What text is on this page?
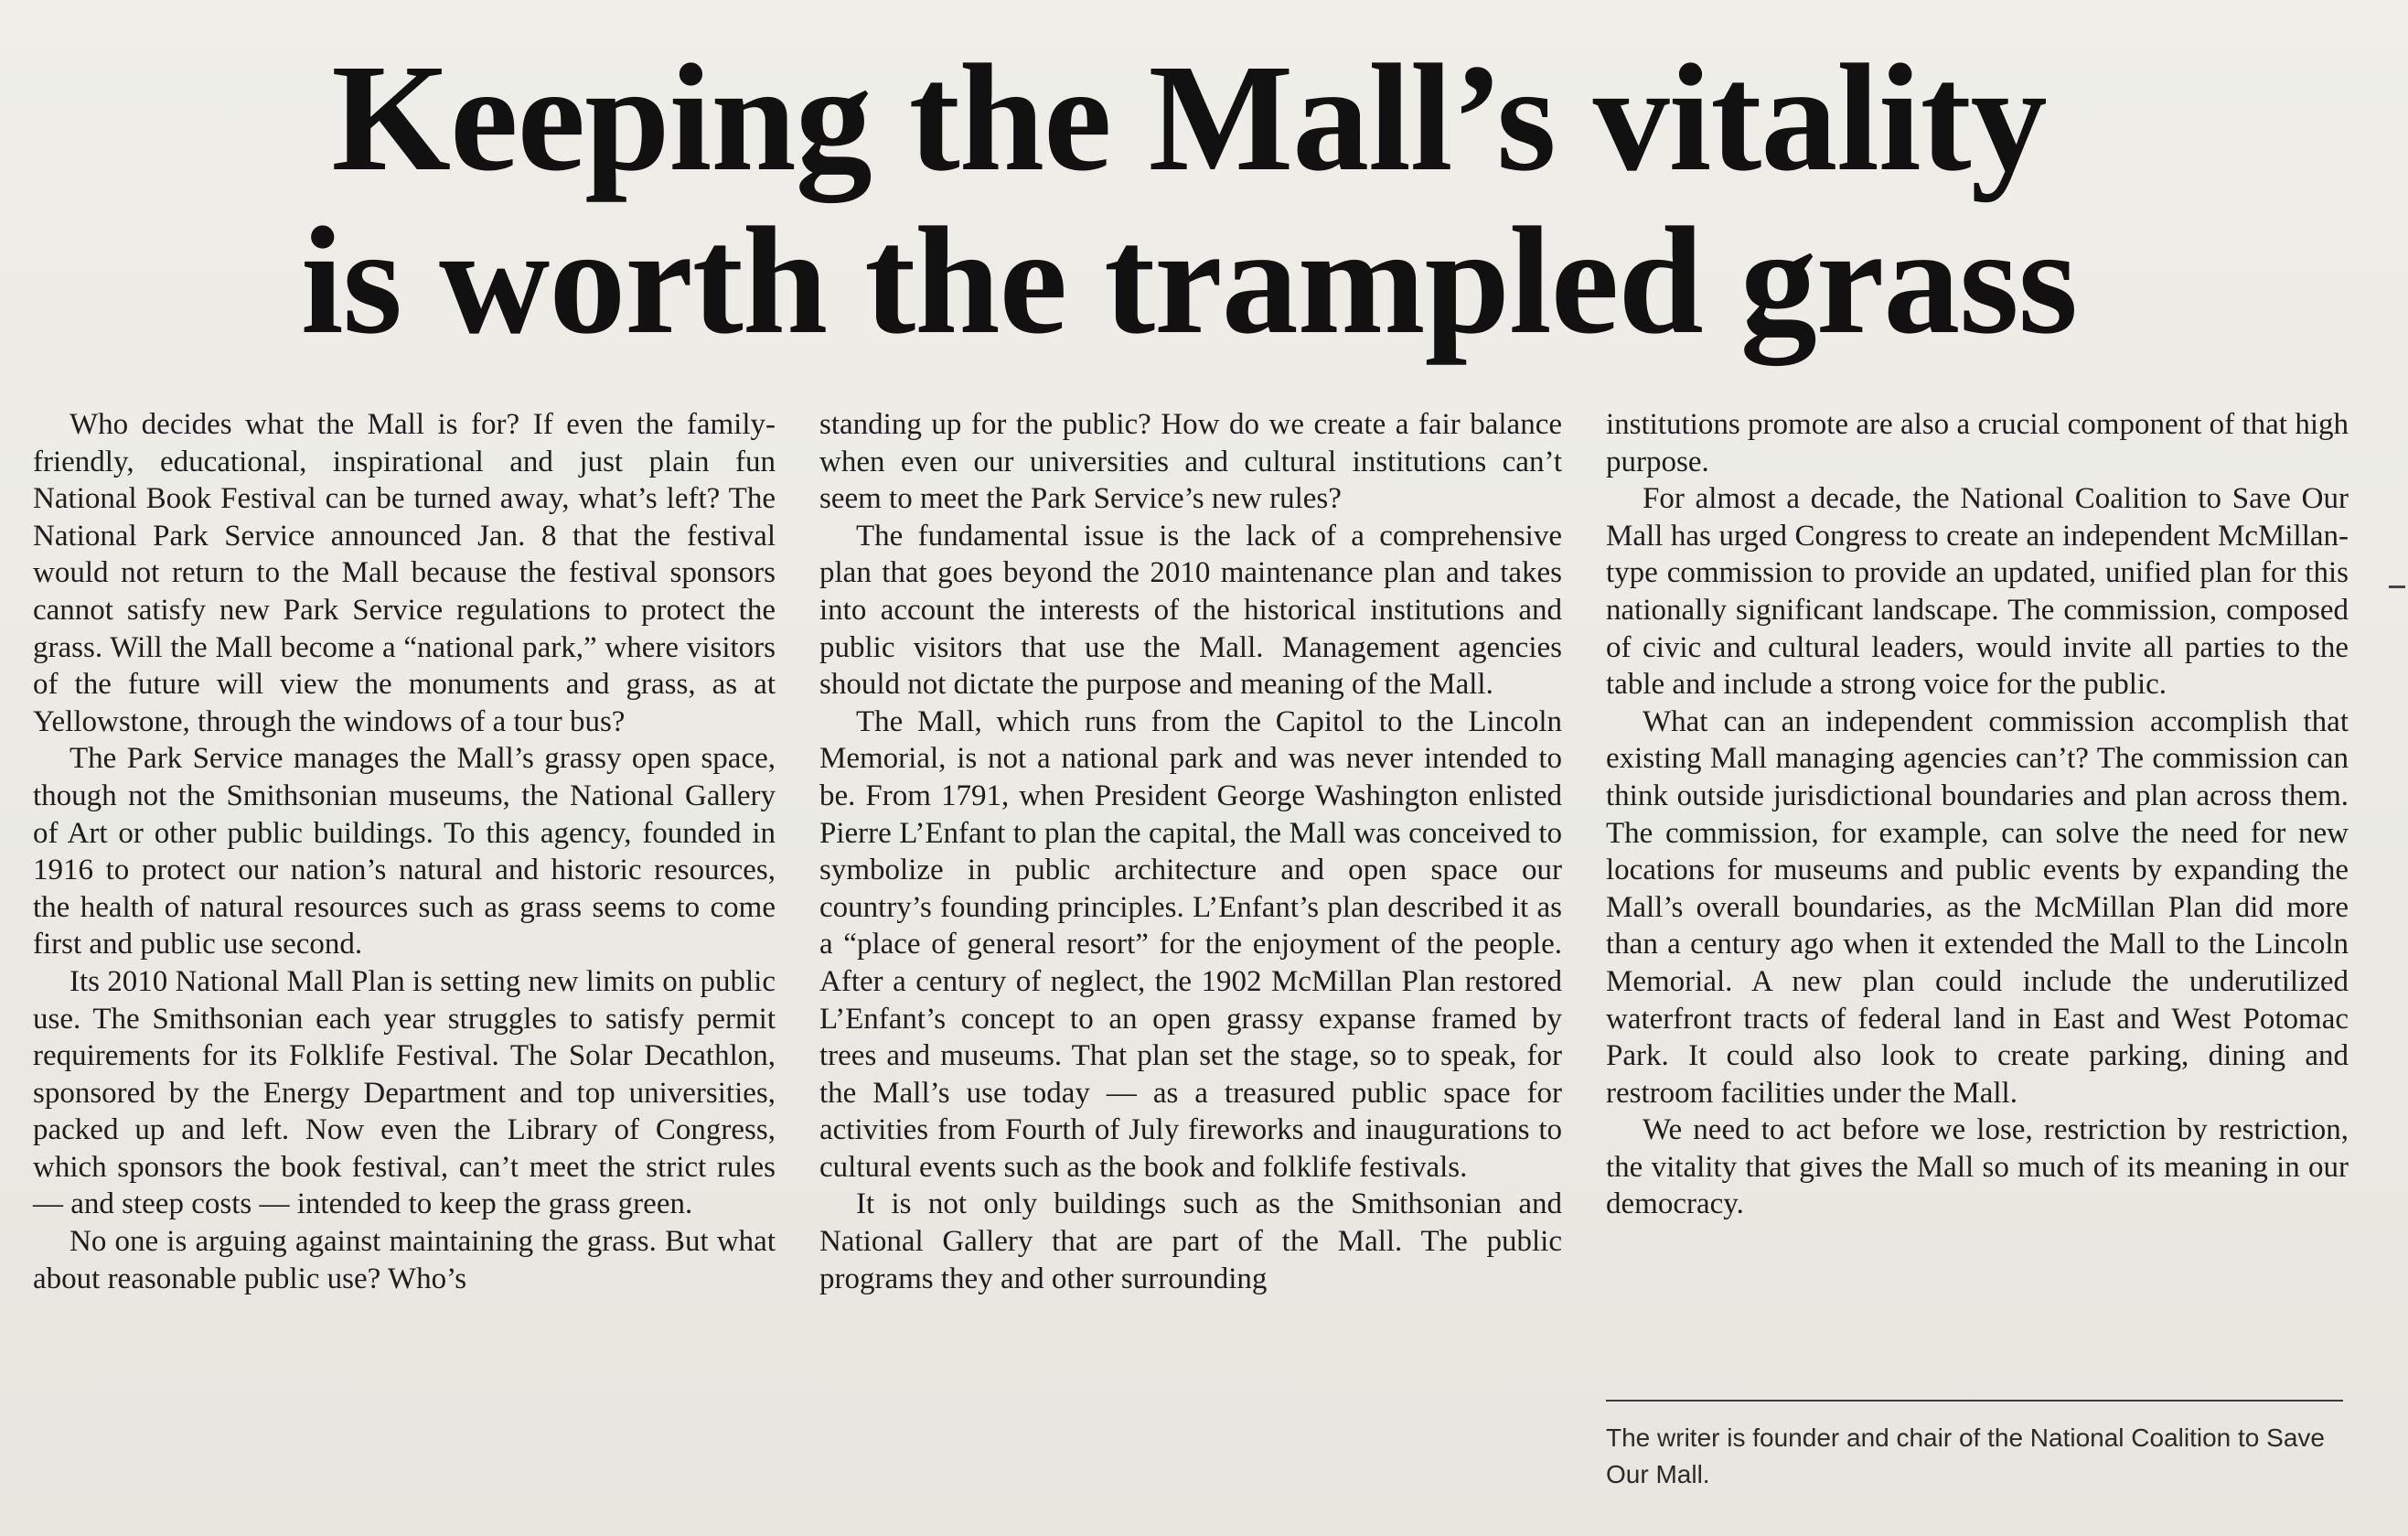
Keeping the Mall’s vitality
is worth the trampled grass

Who decides what the Mall is for? If even the family-friendly, educational, inspirational and just plain fun National Book Festival can be turned away, what’s left? The National Park Service announced Jan. 8 that the festival would not return to the Mall because the festival sponsors cannot satisfy new Park Service regulations to protect the grass. Will the Mall become a “national park,” where visitors of the future will view the monuments and grass, as at Yellowstone, through the windows of a tour bus?

The Park Service manages the Mall’s grassy open space, though not the Smithsonian museums, the National Gallery of Art or other public buildings. To this agency, founded in 1916 to protect our nation’s natural and historic resources, the health of natural resources such as grass seems to come first and public use second.

Its 2010 National Mall Plan is setting new limits on public use. The Smithsonian each year struggles to satisfy permit requirements for its Folklife Festival. The Solar Decathlon, sponsored by the Energy Department and top universities, packed up and left. Now even the Library of Congress, which sponsors the book festival, can’t meet the strict rules — and steep costs — intended to keep the grass green.

No one is arguing against maintaining the grass. But what about reasonable public use? Who’s

standing up for the public? How do we create a fair balance when even our universities and cultural institutions can’t seem to meet the Park Service’s new rules?

The fundamental issue is the lack of a comprehensive plan that goes beyond the 2010 maintenance plan and takes into account the interests of the historical institutions and public visitors that use the Mall. Management agencies should not dictate the purpose and meaning of the Mall.

The Mall, which runs from the Capitol to the Lincoln Memorial, is not a national park and was never intended to be. From 1791, when President George Washington enlisted Pierre L’Enfant to plan the capital, the Mall was conceived to symbolize in public architecture and open space our country’s founding principles. L’Enfant’s plan described it as a “place of general resort” for the enjoyment of the people. After a century of neglect, the 1902 McMillan Plan restored L’Enfant’s concept to an open grassy expanse framed by trees and museums. That plan set the stage, so to speak, for the Mall’s use today — as a treasured public space for activities from Fourth of July fireworks and inaugurations to cultural events such as the book and folklife festivals.

It is not only buildings such as the Smithsonian and National Gallery that are part of the Mall. The public programs they and other surrounding

institutions promote are also a crucial component of that high purpose.

For almost a decade, the National Coalition to Save Our Mall has urged Congress to create an independent McMillan-type commission to provide an updated, unified plan for this nationally significant landscape. The commission, composed of civic and cultural leaders, would invite all parties to the table and include a strong voice for the public.

What can an independent commission accomplish that existing Mall managing agencies can’t? The commission can think outside jurisdictional boundaries and plan across them. The commission, for example, can solve the need for new locations for museums and public events by expanding the Mall’s overall boundaries, as the McMillan Plan did more than a century ago when it extended the Mall to the Lincoln Memorial. A new plan could include the underutilized waterfront tracts of federal land in East and West Potomac Park. It could also look to create parking, dining and restroom facilities under the Mall.

We need to act before we lose, restriction by restriction, the vitality that gives the Mall so much of its meaning in our democracy.

The writer is founder and chair of the National Coalition to Save Our Mall.
